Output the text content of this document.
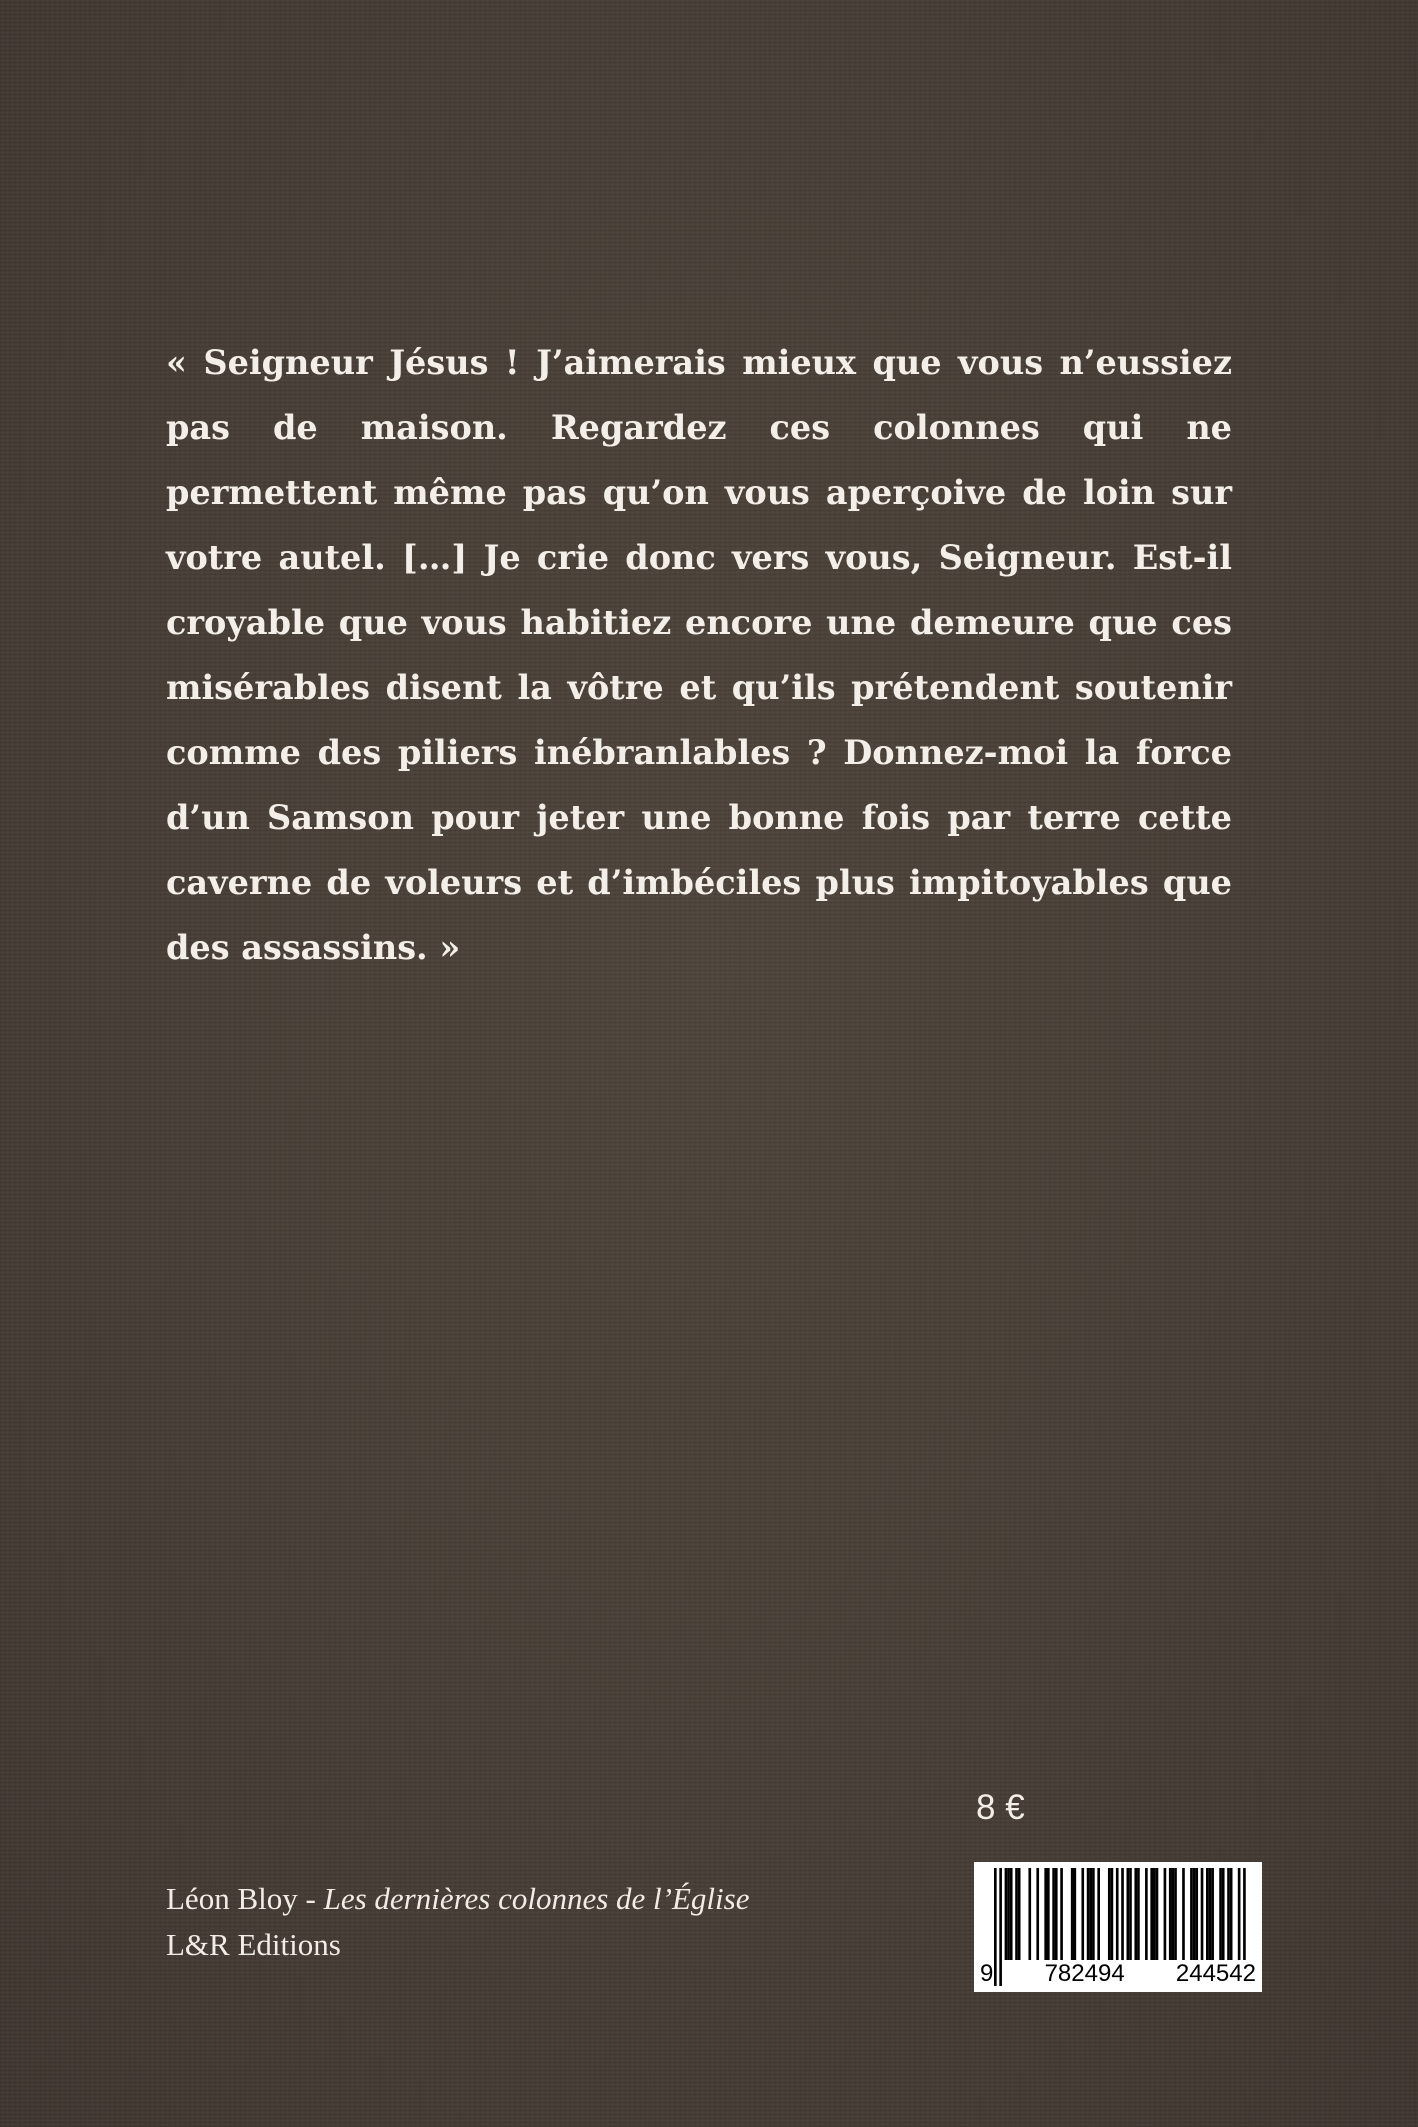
« Seigneur Jésus ! J’aimerais mieux que vous n’eussiez pas de maison. Regardez ces colonnes qui ne permettent même pas qu’on vous aperçoive de loin sur votre autel. […] Je crie donc vers vous, Seigneur. Est-il croyable que vous habitiez encore une demeure que ces misérables disent la vôtre et qu’ils prétendent soutenir comme des piliers inébranlables ? Donnez-moi la force d’un Samson pour jeter une bonne fois par terre cette caverne de voleurs et d’imbéciles plus impitoyables que des assassins. »

Léon Bloy - Les dernières colonnes de l’Église
L&R Editions
8 €
9 782494 244542
